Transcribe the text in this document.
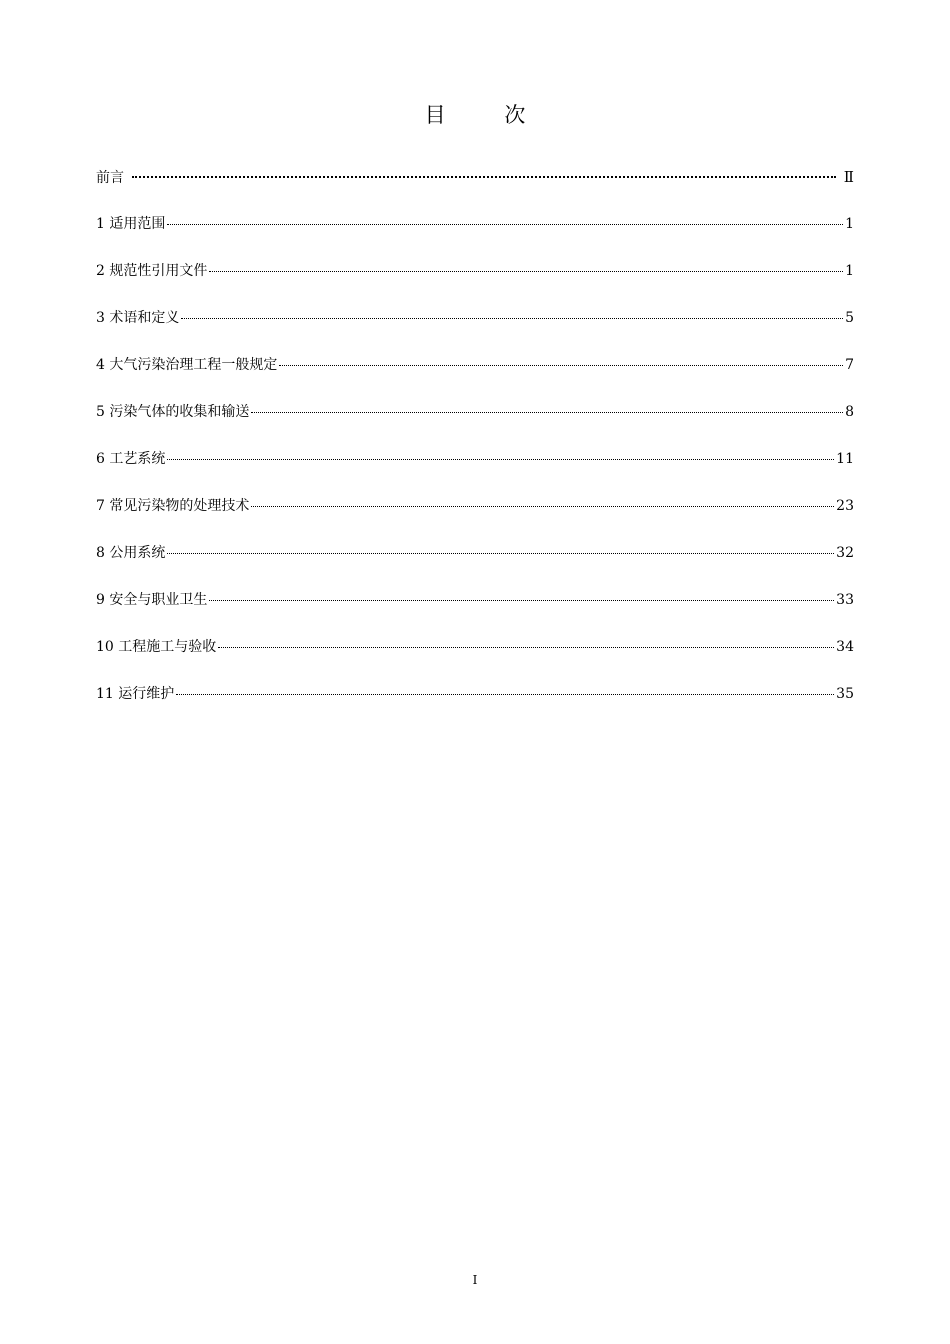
目 次
前言	Ⅱ
1 适用范围	1
2 规范性引用文件	1
3 术语和定义	5
4 大气污染治理工程一般规定	7
5 污染气体的收集和输送	8
6 工艺系统	11
7 常见污染物的处理技术	23
8 公用系统	32
9 安全与职业卫生	33
10 工程施工与验收	34
11 运行维护	35
I
